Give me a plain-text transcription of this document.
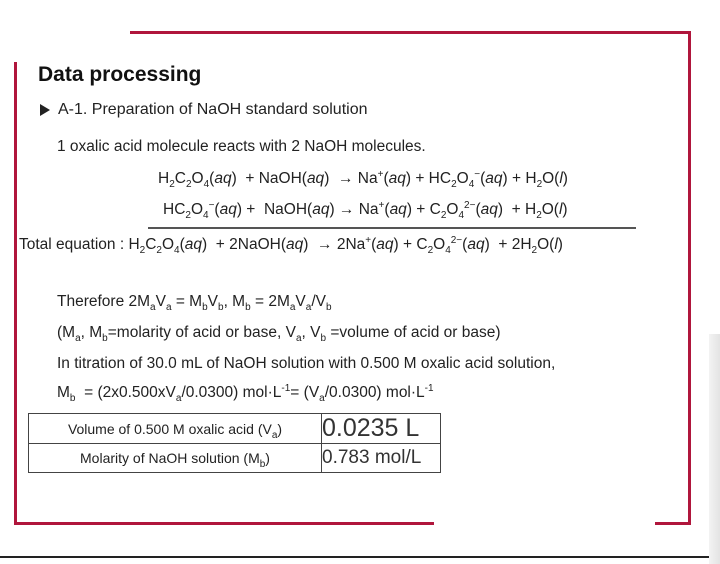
Data processing
A-1. Preparation of NaOH standard solution
1 oxalic acid molecule reacts with 2 NaOH molecules.
$H_2C_2O_4(aq)$  + NaOH(aq)  → $Na^+(aq) + HC_2O_4^-(aq) + H_2O(l)$
$HC_2O_4^-(aq)$ +  NaOH(aq) → $Na^+(aq) + C_2O_4^{2-}(aq) + H_2O(l)$
Total equation : $H_2C_2O_4(aq)$  + 2NaOH(aq)  → $2Na^+(aq) + C_2O_4^{2-}(aq) + 2H_2O(l)$
Therefore $2M_aV_a = M_bV_b$, $M_b = 2M_aV_a/V_b$
($M_a$, $M_b=molarity$ of acid or base, $V_a$, $V_b$ =volume of acid or base)
In titration of 30.0 mL of NaOH solution with 0.500 M oxalic acid solution,
$M_b = (2x0.500xV_a/0.0300)$ $mol\cdot L^{-1}= (V_a/0.0300)$ $mol\cdot L^{-1}$
Volume of 0.500 M oxalic acid $(V_a)$	0.0235 L
Molarity of NaOH solution $(M_b)$	0.783 mol/L
